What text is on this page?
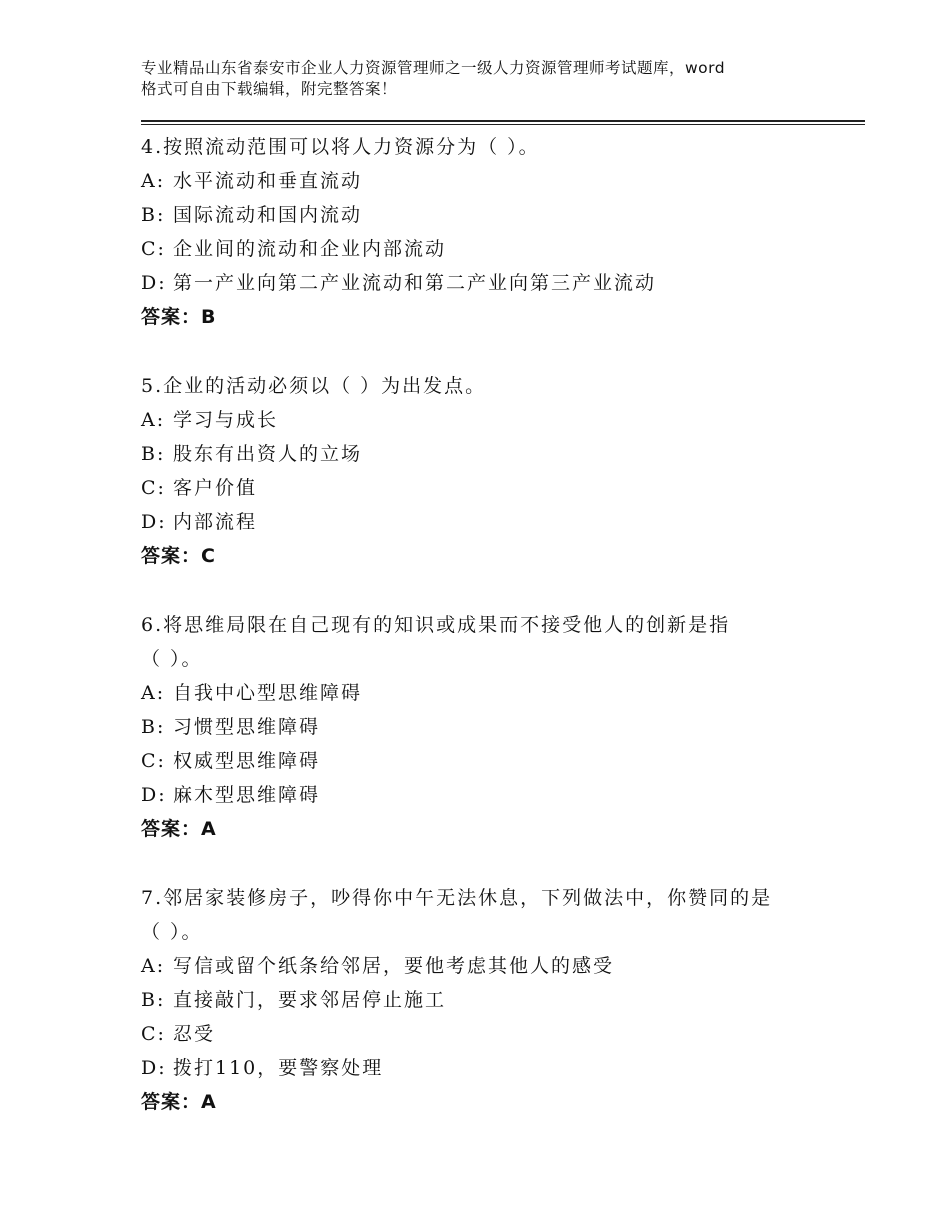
专业精品山东省泰安市企业人力资源管理师之一级人力资源管理师考试题库，word
格式可自由下载编辑，附完整答案！
4.按照流动范围可以将人力资源分为（ ）。
A: 水平流动和垂直流动
B: 国际流动和国内流动
C: 企业间的流动和企业内部流动
D: 第一产业向第二产业流动和第二产业向第三产业流动
答案：B
5.企业的活动必须以（ ）为出发点。
A: 学习与成长
B: 股东有出资人的立场
C: 客户价值
D: 内部流程
答案：C
6.将思维局限在自己现有的知识或成果而不接受他人的创新是指
（ ）。
A: 自我中心型思维障碍
B: 习惯型思维障碍
C: 权威型思维障碍
D: 麻木型思维障碍
答案：A
7.邻居家装修房子，吵得你中午无法休息，下列做法中，你赞同的是
（ ）。
A: 写信或留个纸条给邻居，要他考虑其他人的感受
B: 直接敲门，要求邻居停止施工
C: 忍受
D: 拨打110，要警察处理
答案：A
